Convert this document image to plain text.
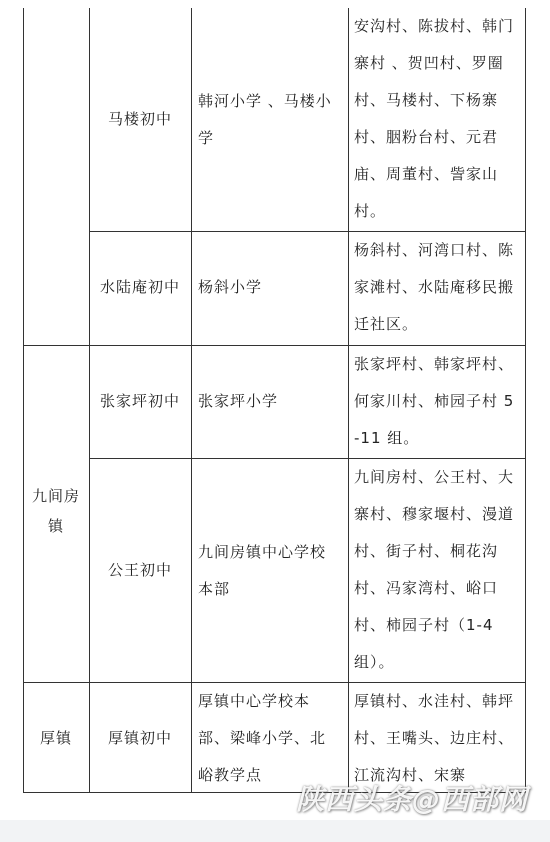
九间房镇
厚镇
马楼初中
韩河小学 、马楼小学
安沟村、陈拔村、韩门寨村 、贺凹村、罗圈村、马楼村、下杨寨村、胭粉台村、元君庙、周董村、訾家山村。
水陆庵初中	杨斜小学
杨斜村、河湾口村、陈家滩村、水陆庵移民搬迁社区。
张家坪初中	张家坪小学
张家坪村、韩家坪村、何家川村、柿园子村 5-11 组。
公王初中
九间房镇中心学校本部
九间房村、公王村、大寨村、穆家堰村、漫道村、街子村、桐花沟村、冯家湾村、峪口村、柿园子村（1-4 组）。
厚镇初中
厚镇中心学校本部、梁峰小学、北峪教学点
厚镇村、水洼村、韩坪村、王嘴头、边庄村、江流沟村、宋寨
陕西头条@西部网
